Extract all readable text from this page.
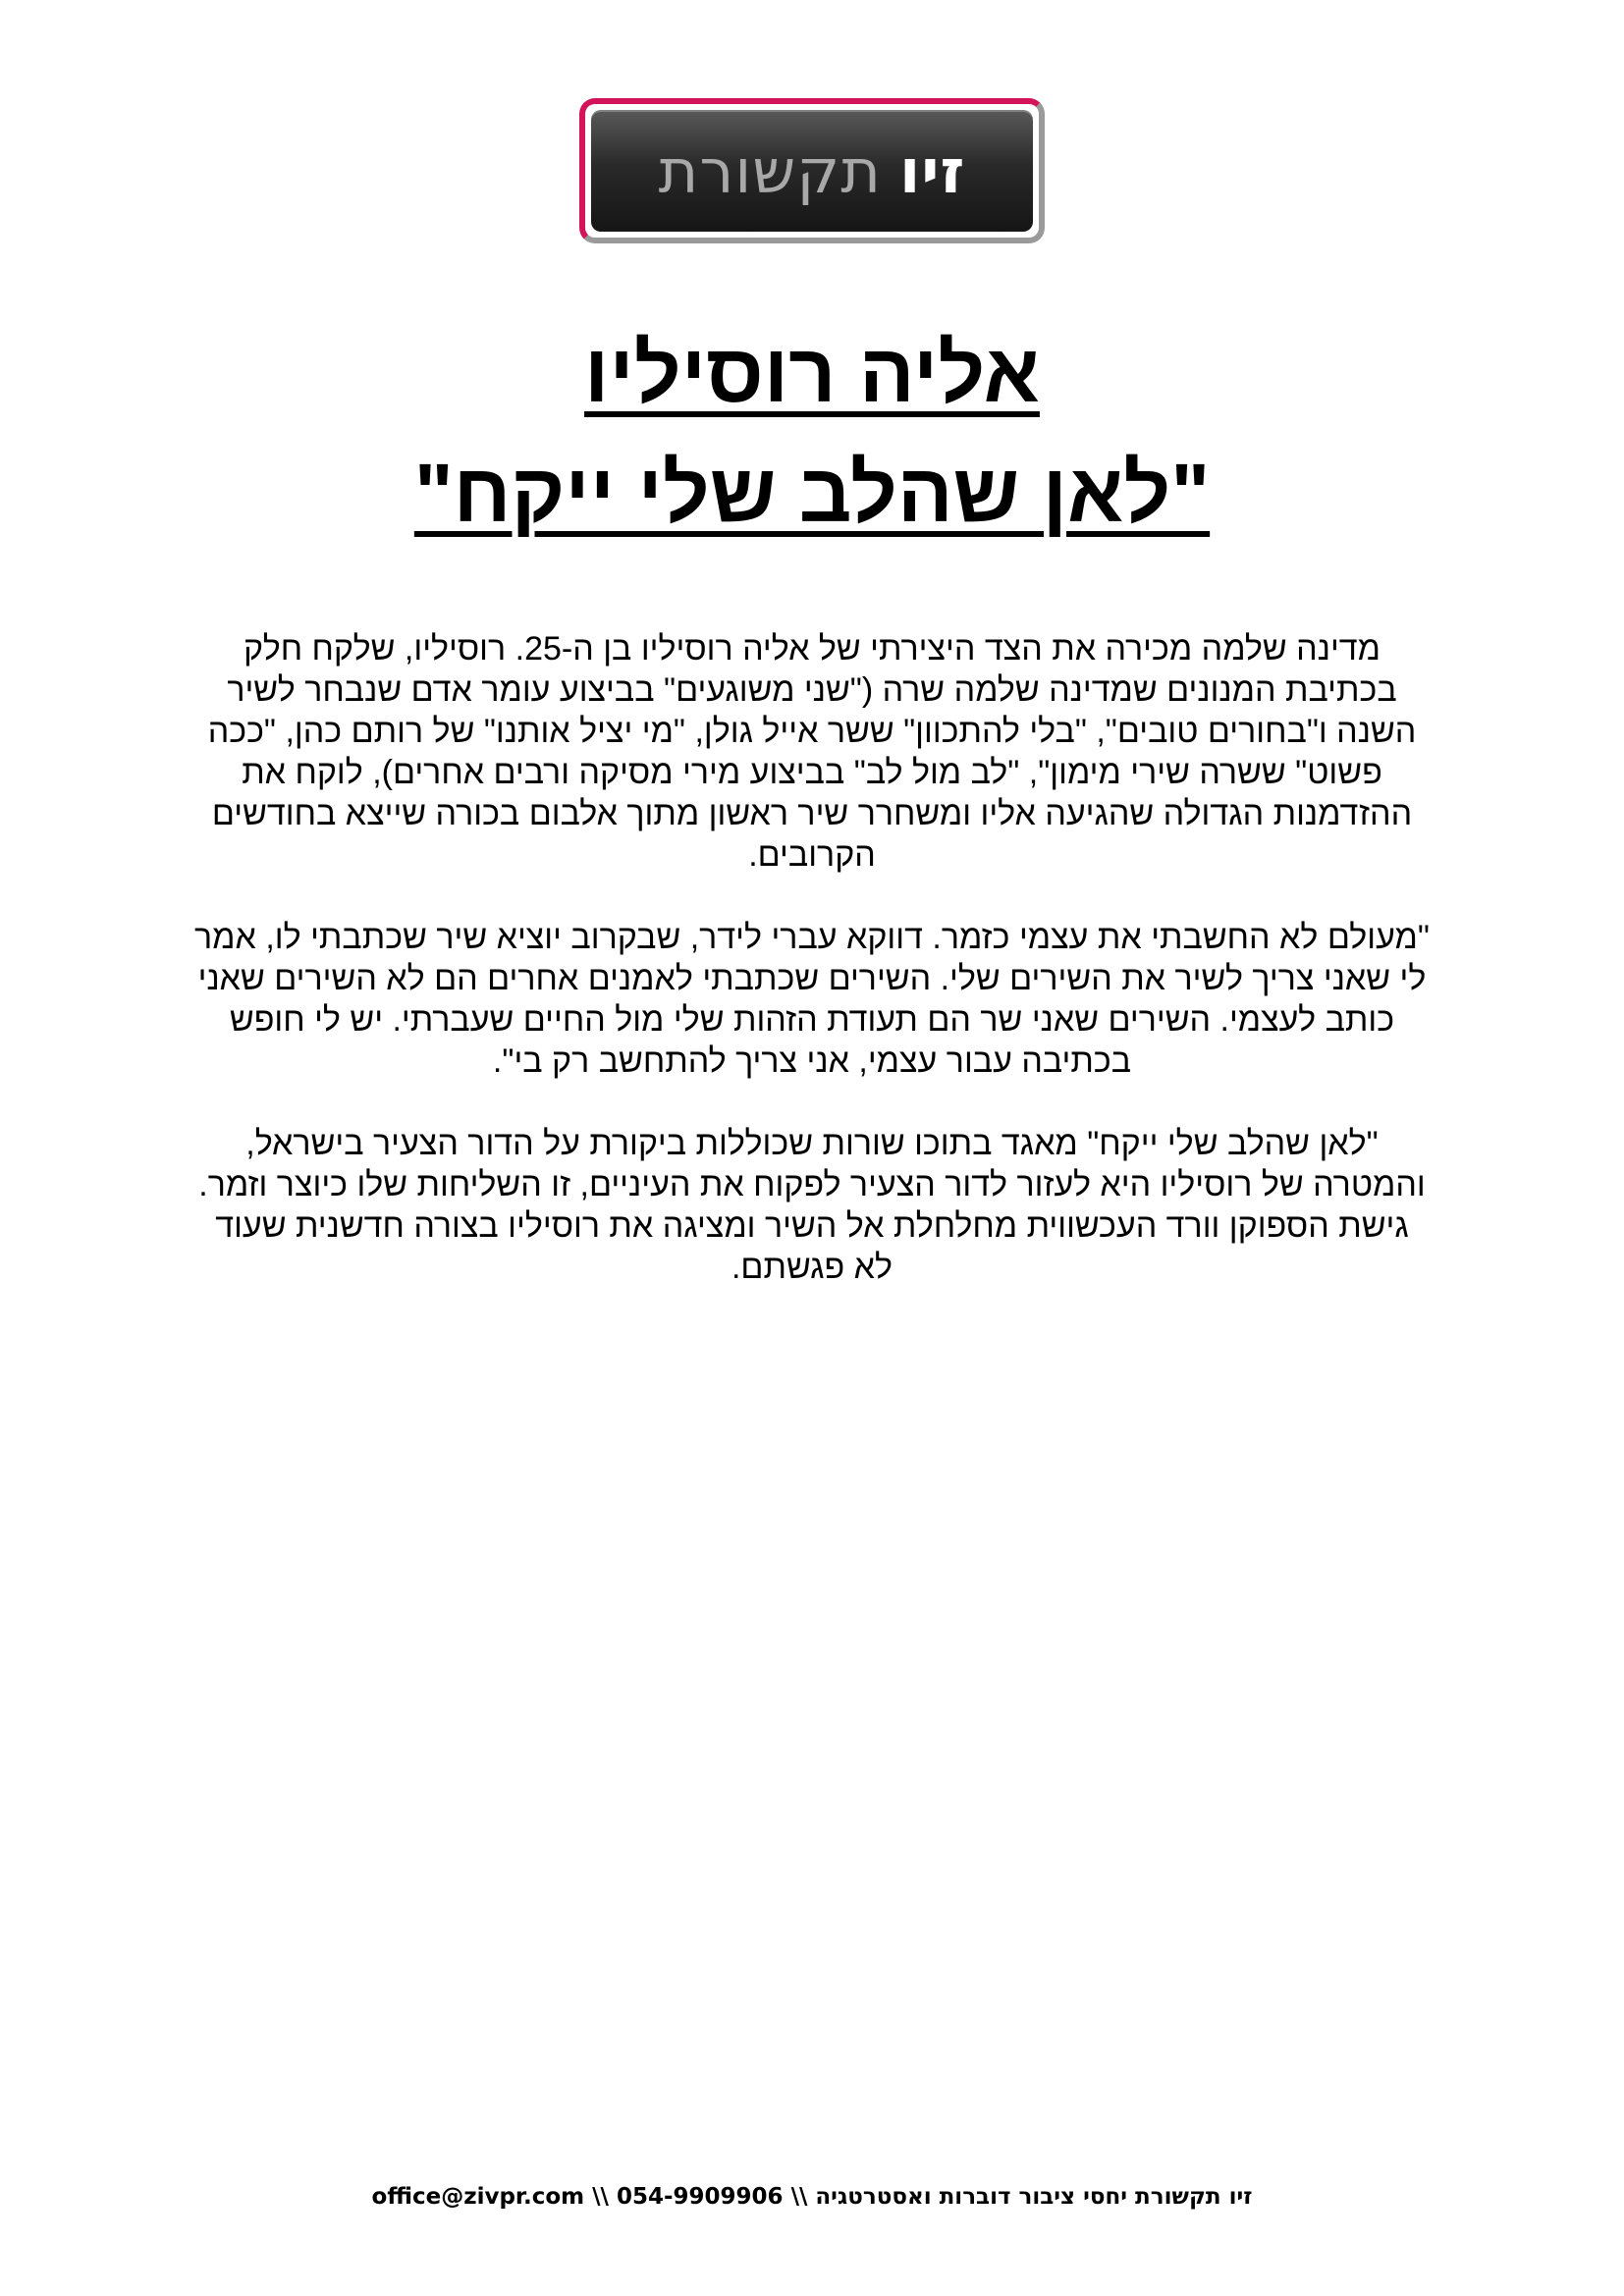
זיו
תקשורת
אליה רוסיליו
"לאן שהלב שלי ייקח"

מדינה שלמה מכירה את הצד היצירתי של אליה רוסיליו בן ה-25. רוסיליו, שלקח חלק בכתיבת המנונים שמדינה שלמה שרה ("שני משוגעים" בביצוע עומר אדם שנבחר לשיר השנה ו"בחורים טובים", "בלי להתכוון" ששר אייל גולן, "מי יציל אותנו" של רותם כהן, "ככה פשוט" ששרה שירי מימון", "לב מול לב" בביצוע מירי מסיקה ורבים אחרים), לוקח את ההזדמנות הגדולה שהגיעה אליו ומשחרר שיר ראשון מתוך אלבום בכורה שייצא בחודשים הקרובים.

"מעולם לא החשבתי את עצמי כזמר. דווקא עברי לידר, שבקרוב יוציא שיר שכתבתי לו, אמר לי שאני צריך לשיר את השירים שלי. השירים שכתבתי לאמנים אחרים הם לא השירים שאני כותב לעצמי. השירים שאני שר הם תעודת הזהות שלי מול החיים שעברתי. יש לי חופש בכתיבה עבור עצמי, אני צריך להתחשב רק בי".

"לאן שהלב שלי ייקח" מאגד בתוכו שורות שכוללות ביקורת על הדור הצעיר בישראל, והמטרה של רוסיליו היא לעזור לדור הצעיר לפקוח את העיניים, זו השליחות שלו כיוצר וזמר. גישת הספוקן וורד העכשווית מחלחלת אל השיר ומציגה את רוסיליו בצורה חדשנית שעוד לא פגשתם.

זיו תקשורת יחסי ציבור דוברות ואסטרטגיה \\ 054-9909906 \\ office@zivpr.com
